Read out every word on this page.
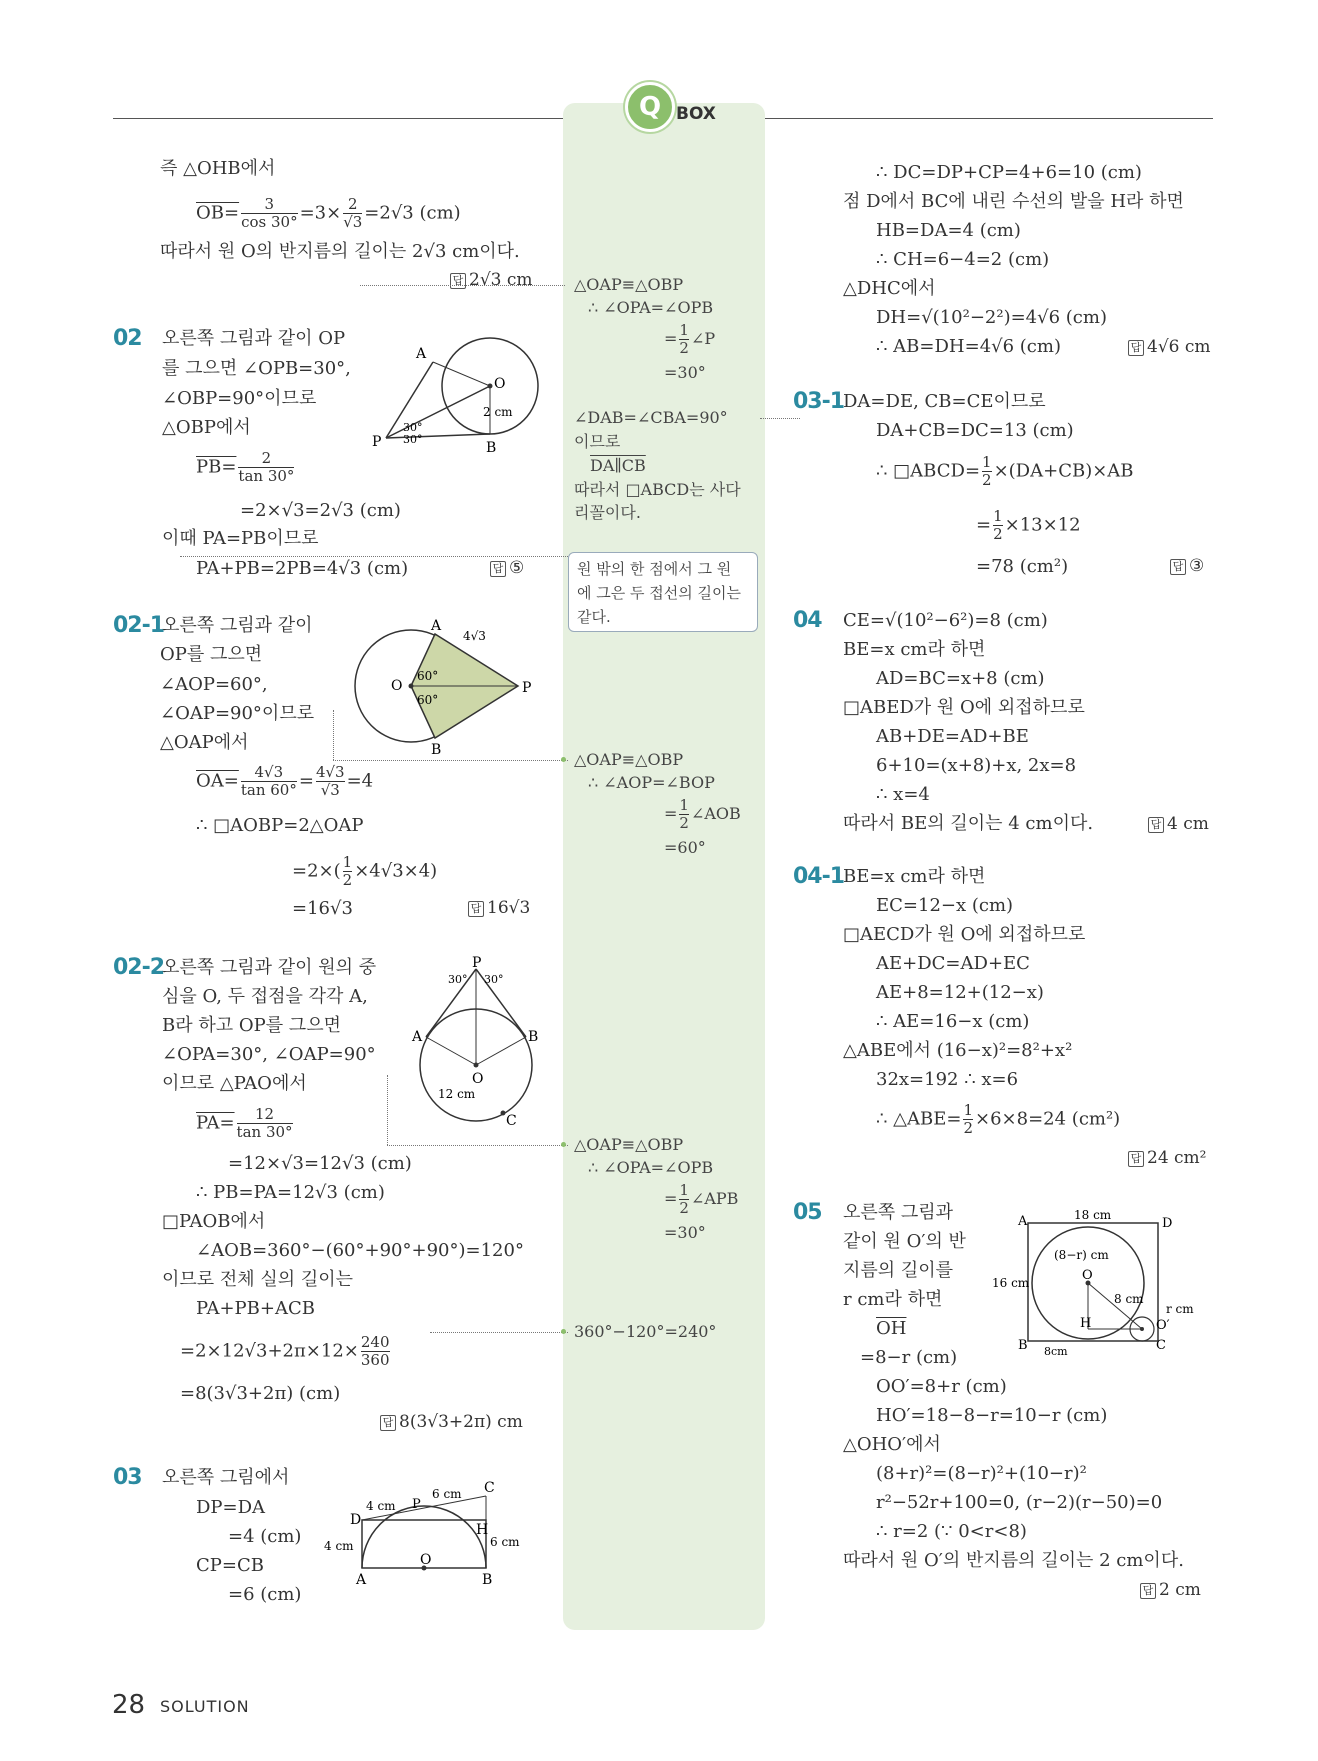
Q BOX
즉 △OHB에서
$OB= \frac{3}{\cos 30^\circ} =3\times \frac{2}{√3} =2√3$ (cm)
따라서 원 O의 반지름의 길이는 2√3 cm이다.
답 2√3 cm
02 오른쪽 그림과 같이 OP
를 그으면 ∠OPB=30°,
∠OBP=90°이므로
△OBP에서
$PB= \frac{2}{\tan 30^\circ}$
=2×√3=2√3 (cm)
이때 PA=PB이므로
PA+PB=2PB=4√3 (cm)	답 ⑤
02-1
오른쪽 그림과 같이
OP를 그으면
∠AOP=60°,
∠OAP=90°이므로
△OAP에서
$OA= \frac{4√3}{\tan 60^\circ} = \frac{4√3}{√3} =4$
∴ □AOBP=2△OAP
$=2\times( \frac{1}{2} \times 4√3\times 4)$
=16√3	답 16√3
02-2
오른쪽 그림과 같이 원의 중
심을 O, 두 접점을 각각 A,
B라 하고 OP를 그으면
∠OPA=30°, ∠OAP=90°
이므로 △PAO에서
$PA= \frac{12}{\tan 30^\circ}$
=12×√3=12√3 (cm)
∴ PB=PA=12√3 (cm)
□PAOB에서
∠AOB=360°−(60°+90°+90°)=120°
이므로 전체 실의 길이는
PA+PB+ACB
$=2\times 12√3+2\pi\times 12\times \frac{240}{360}$
=8(3√3+2π) (cm)
답 8(3√3+2π) cm
03 오른쪽 그림에서
DP=DA
=4 (cm)
CP=CB
=6 (cm)
A
O
P	B
30°
30°
2 cm
A
4√3
O
60°
60°
P
B
P
30° 30°
A	B
O
12 cm
C
4 cm P
6 cm C
D
H
4 cm	6 cm
O
A	B
△OAP≡△OBP
∴ ∠OPA=∠OPB
= $\frac{1}{2}$ ∠P
=30°
∠DAB=∠CBA=90°
이므로
DA∥CB
따라서 □ABCD는 사다
리꼴이다.
원 밖의 한 점에서 그 원
에 그은 두 접선의 길이는
같다.
△OAP≡△OBP
∴ ∠AOP=∠BOP
= $\frac{1}{2}$ ∠AOB
=60°
△OAP≡△OBP
∴ ∠OPA=∠OPB
= $\frac{1}{2}$ ∠APB
=30°
360°−120°=240°
∴ DC=DP+CP=4+6=10 (cm)
점 D에서 BC에 내린 수선의 발을 H라 하면
HB=DA=4 (cm)
∴ CH=6−4=2 (cm)
△DHC에서
DH=√(10²−2²)=4√6 (cm)
∴ AB=DH=4√6 (cm)	답 4√6 cm
03-1
DA=DE, CB=CE이므로
DA+CB=DC=13 (cm)
∴ □ABCD= $\frac{1}{2} \times(DA+CB)\times AB$
= $\frac{1}{2} \times 13\times 12$
=78 (cm²)	답 ③
04 CE=√(10²−6²)=8 (cm)
BE=x cm라 하면
AD=BC=x+8 (cm)
□ABED가 원 O에 외접하므로
AB+DE=AD+BE
6+10=(x+8)+x, 2x=8
∴ x=4
따라서 BE의 길이는 4 cm이다.	답 4 cm
04-1
BE=x cm라 하면
EC=12−x (cm)
□AECD가 원 O에 외접하므로
AE+DC=AD+EC
AE+8=12+(12−x)
∴ AE=16−x (cm)
△ABE에서 (16−x)²=8²+x²
32x=192 ∴ x=6
∴ △ABE= $\frac{1}{2} \times 6\times 8=24$ (cm²)
답 24 cm²
05 오른쪽 그림과
같이 원 O′의 반
지름의 길이를
r cm라 하면
$\overline{OH}$
=8−r (cm)
OO′=8+r (cm)
HO′=18−8−r=10−r (cm)
△OHO′에서
(8+r)²=(8−r)²+(10−r)²
r²−52r+100=0, (r−2)(r−50)=0
∴ r=2 (∵ 0<r<8)
따라서 원 O′의 반지름의 길이는 2 cm이다.
답 2 cm
A	18 cm
D
(8−r) cm
O
16 cm
8 cm
r cm
H	O′
B 8cm	C
28 SOLUTION
